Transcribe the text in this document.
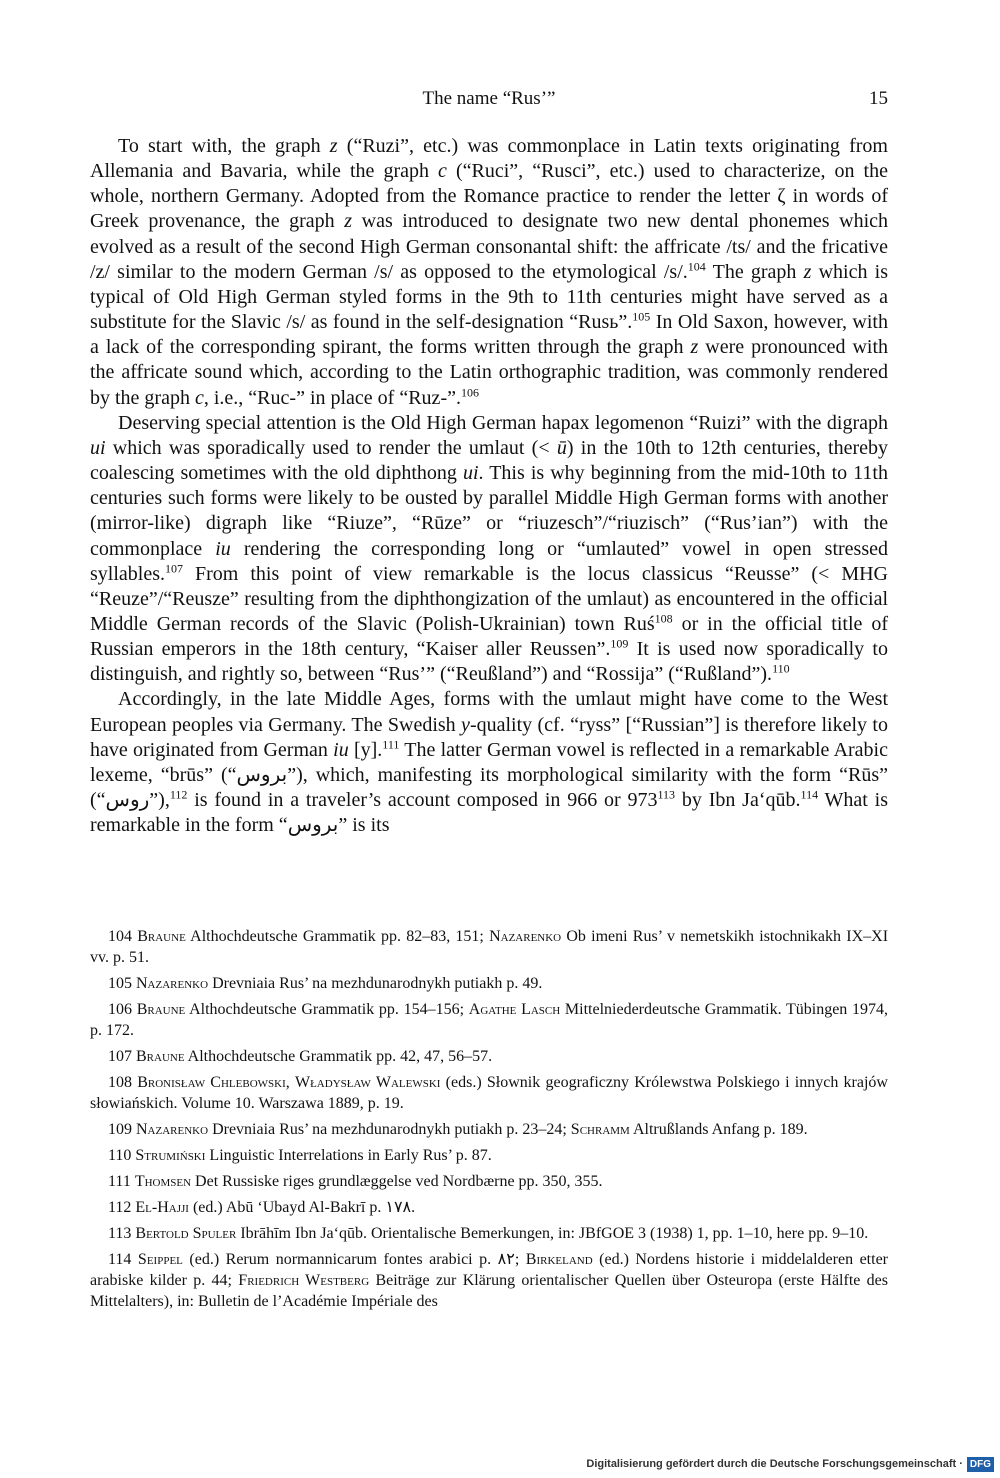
The name “Rus’”	15

To start with, the graph z (“Ruzi”, etc.) was commonplace in Latin texts originating from Allemania and Bavaria, while the graph c (“Ruci”, “Rusci”, etc.) used to characterize, on the whole, northern Germany. Adopted from the Romance practice to render the letter ζ in words of Greek provenance, the graph z was introduced to designate two new dental phonemes which evolved as a result of the second High German consonantal shift: the affricate /ts/ and the fricative /z/ similar to the modern German /s/ as opposed to the etymological /s/.$^{104}$ The graph z which is typical of Old High German styled forms in the 9th to 11th centuries might have served as a substitute for the Slavic /s/ as found in the self-designation “Rusь”.$^{105}$ In Old Saxon, however, with a lack of the corresponding spirant, the forms written through the graph z were pronounced with the affricate sound which, according to the Latin orthographic tradition, was commonly rendered by the graph c, i.e., “Ruc-” in place of “Ruz-”.$^{106}$

Deserving special attention is the Old High German hapax legomenon “Ruizi” with the digraph ui which was sporadically used to render the umlaut (< ū) in the 10th to 12th centuries, thereby coalescing sometimes with the old diphthong ui. This is why beginning from the mid-10th to 11th centuries such forms were likely to be ousted by parallel Middle High German forms with another (mirror-like) digraph like “Riuze”, “Rūze” or “riuzesch”/“riuzisch” (“Rus’ian”) with the commonplace iu rendering the corresponding long or “umlauted” vowel in open stressed syllables.$^{107}$ From this point of view remarkable is the locus classicus “Reusse” (< MHG “Reuze”/“Reusze” resulting from the diphthongization of the umlaut) as encountered in the official Middle German records of the Slavic (Polish-Ukrainian) town Ruś$^{108}$ or in the official title of Russian emperors in the 18th century, “Kaiser aller Reussen”.$^{109}$ It is used now sporadically to distinguish, and rightly so, between “Rus’” (“Reußland”) and “Rossija” (“Rußland”).$^{110}$

Accordingly, in the late Middle Ages, forms with the umlaut might have come to the West European peoples via Germany. The Swedish y-quality (cf. “ryss” [“Russian”] is therefore likely to have originated from German iu [y].$^{111}$ The latter German vowel is reflected in a remarkable Arabic lexeme, “brūs” (“بروس”), which, manifesting its morphological similarity with the form “Rūs” (“روس”),$^{112}$ is found in a traveler’s account composed in 966 or $973^{113}$ by Ibn Ja‘qūb.$^{114}$ What is remarkable in the form “بروس” is its

104 Braune Althochdeutsche Grammatik pp. 82–83, 151; Nazarenko Ob imeni Rus’ v nemetskikh istochnikakh IX–XI vv. p. 51.

105 Nazarenko Drevniaia Rus’ na mezhdunarodnykh putiakh p. 49.

106 Braune Althochdeutsche Grammatik pp. 154–156; Agathe Lasch Mittelniederdeutsche Grammatik. Tübingen 1974, p. 172.

107 Braune Althochdeutsche Grammatik pp. 42, 47, 56–57.

108 Bronisław Chlebowski, Władysław Walewski (eds.) Słownik geograficzny Królewstwa Polskiego i innych krajów słowiańskich. Volume 10. Warszawa 1889, p. 19.

109 Nazarenko Drevniaia Rus’ na mezhdunarodnykh putiakh p. 23–24; Schramm Altrußlands Anfang p. 189.

110 Strumiński Linguistic Interrelations in Early Rus’ p. 87.

111 Thomsen Det Russiske riges grundlæggelse ved Nordbærne pp. 350, 355.

112 El-Hajji (ed.) Abū ‘Ubayd Al-Bakrī p. ١٧٨.

113 Bertold Spuler Ibrāhīm Ibn Ja‘qūb. Orientalische Bemerkungen, in: JBfGOE 3 (1938) 1, pp. 1–10, here pp. 9–10.

114 Seippel (ed.) Rerum normannicarum fontes arabici p. ٨٢; Birkeland (ed.) Nordens historie i middelalderen etter arabiske kilder p. 44; Friedrich Westberg Beiträge zur Klärung orientalischer Quellen über Osteuropa (erste Hälfte des Mittelalters), in: Bulletin de l’Académie Impériale des

Digitalisierung gefördert durch die Deutsche Forschungsgemeinschaft · DFG
